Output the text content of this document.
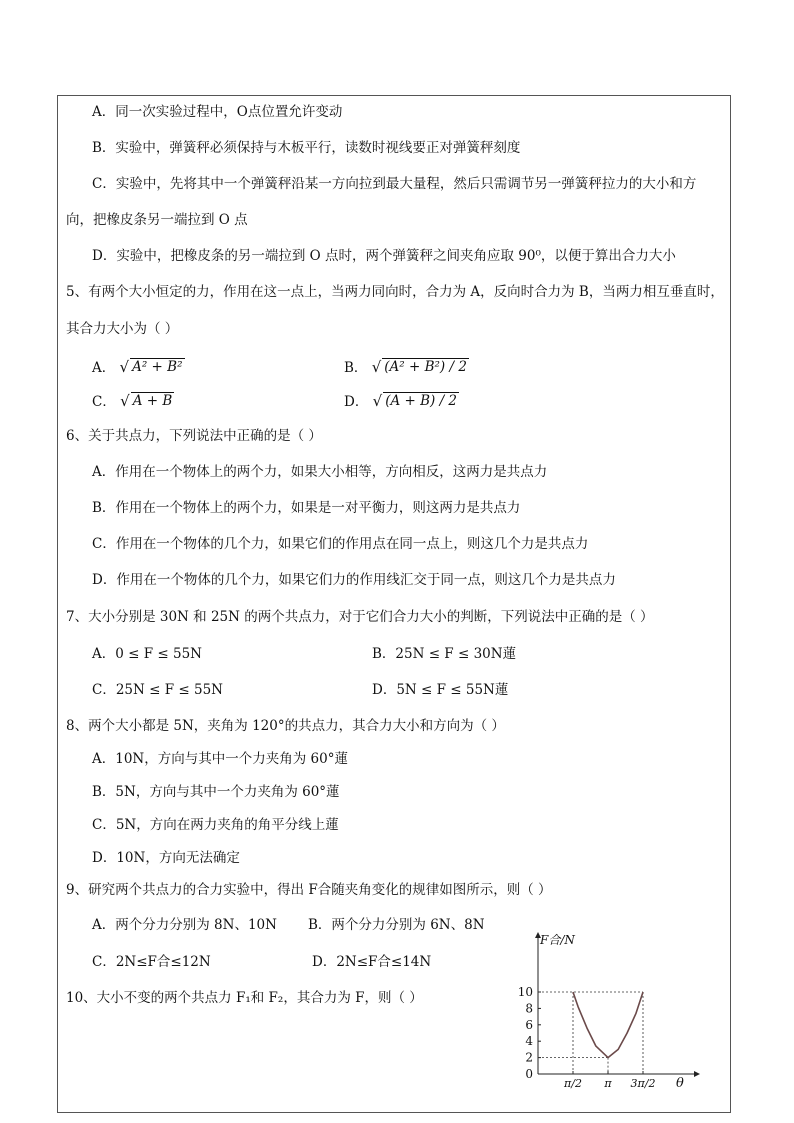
A．同一次实验过程中，O点位置允许变动
B．实验中，弹簧秤必须保持与木板平行，读数时视线要正对弹簧秤刻度
C．实验中，先将其中一个弹簧秤沿某一方向拉到最大量程，然后只需调节另一弹簧秤拉力的大小和方
向，把橡皮条另一端拉到 O 点
D．实验中，把橡皮条的另一端拉到 O 点时，两个弹簧秤之间夹角应取 90⁰，以便于算出合力大小
5、有两个大小恒定的力，作用在这一点上，当两力同向时，合力为 A，反向时合力为 B，当两力相互垂直时，
其合力大小为（ ）
A． √ A² + B²	B． √ (A² + B²) / 2
C． √ A + B	D． √ (A + B) / 2
6、关于共点力，下列说法中正确的是（ ）
A．作用在一个物体上的两个力，如果大小相等，方向相反，这两力是共点力
B．作用在一个物体上的两个力，如果是一对平衡力，则这两力是共点力
C．作用在一个物体的几个力，如果它们的作用点在同一点上，则这几个力是共点力
D．作用在一个物体的几个力，如果它们力的作用线汇交于同一点，则这几个力是共点力
7、大小分别是 30N 和 25N 的两个共点力，对于它们合力大小的判断，下列说法中正确的是（ ）
A．0 ≤ F ≤ 55N	B．25N ≤ F ≤ 30N蓮
C．25N ≤ F ≤ 55N	D．5N ≤ F ≤ 55N蓮
8、两个大小都是 5N，夹角为 120°的共点力，其合力大小和方向为（ ）
A．10N，方向与其中一个力夹角为 60°蓮
B．5N，方向与其中一个力夹角为 60°蓮
C．5N，方向在两力夹角的角平分线上蓮
D．10N，方向无法确定
9、研究两个共点力的合力实验中，得出 F合随夹角变化的规律如图所示，则（ ）
A．两个分力分别为 8N、10N B．两个分力分别为 6N、8N
C．2N≤F合≤12N	D．2N≤F合≤14N
10、大小不变的两个共点力 F₁和 F₂，其合力为 F，则（ ）
0
2
4
6
8
10
π/2 π 3π/2
F合/N
θ
